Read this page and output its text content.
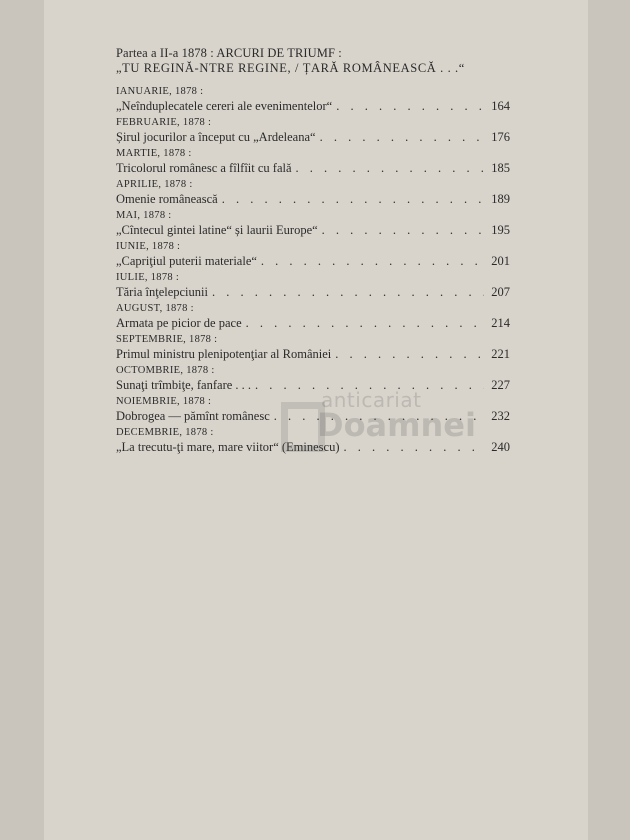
Partea a II-a 1878 : ARCURI DE TRIUMF :
„TU REGINĂ-NTRE REGINE, / ȚARĂ ROMÂNEASCĂ . . .“
IANUARIE, 1878 :
„Neînduplecatele cereri ale evenimentelor“ . . .	164
FEBRUARIE, 1878 :
Șirul jocurilor a început cu „Ardeleana“ . . .	176
MARTIE, 1878 :
Tricolorul românesc a fîlfîit cu falǎ . . .	185
APRILIE, 1878 :
Omenie românească . . .	189
MAI, 1878 :
„Cîntecul gintei latine“ și laurii Europe“ . . .	195
IUNIE, 1878 :
„Capriţiul puterii materiale“ . . .	201
IULIE, 1878 :
Tăria înţelepciunii . . .	207
AUGUST, 1878 :
Armata pe picior de pace . . .	214
SEPTEMBRIE, 1878 :
Primul ministru plenipotenţiar al României . . .	221
OCTOMBRIE, 1878 :
Sunaţi trîmbiţe, fanfare . . . . . .	227
NOIEMBRIE, 1878 :
Dobrogea — pămînt românesc . . .	232
DECEMBRIE, 1878 :
„La trecutu-ţi mare, mare viitor“ (Eminescu) . . .	240
anticariat
Doamnei
